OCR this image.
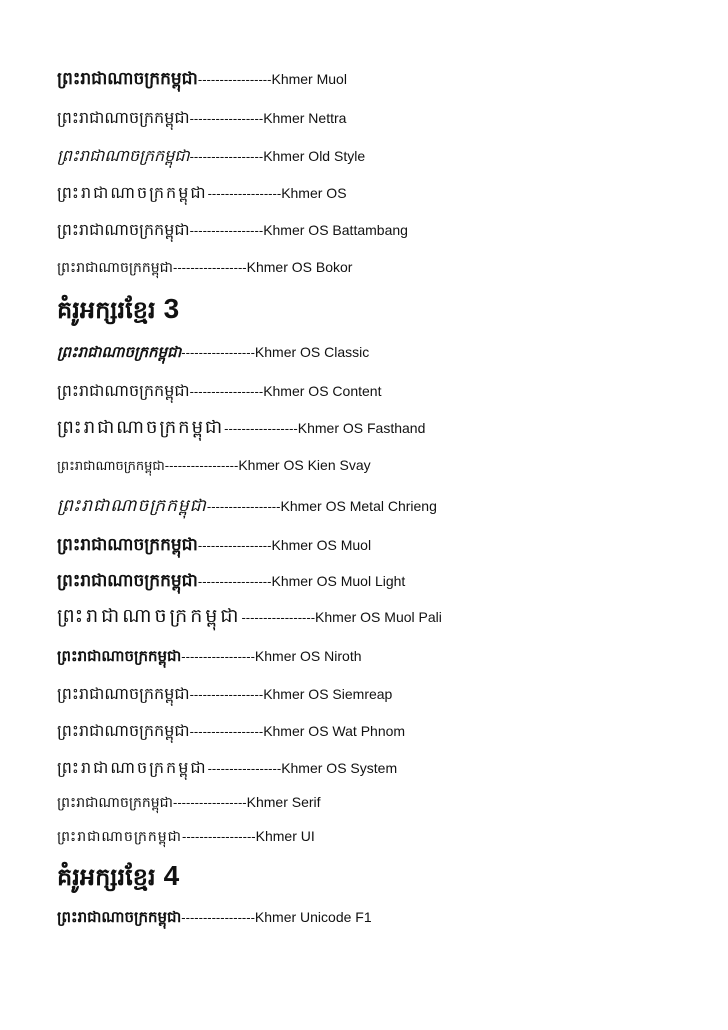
ព្រះរាជាណាចក្រកម្ពុជា ----------------- Khmer Muol
ព្រះរាជាណាចក្រកម្ពុជា ----------------- Khmer Nettra
ព្រះរាជាណាចក្រកម្ពុជា ----------------- Khmer Old Style
ព្រះរាជាណាចក្រកម្ពុជា ----------------- Khmer OS
ព្រះរាជាណាចក្រកម្ពុជា ----------------- Khmer OS Battambang
ព្រះរាជាណាចក្រកម្ពុជា ----------------- Khmer OS Bokor
គំរូអក្សរខ្មែរ 3
ព្រះរាជាណាចក្រកម្ពុជា ----------------- Khmer OS Classic
ព្រះរាជាណាចក្រកម្ពុជា ----------------- Khmer OS Content
ព្រះរាជាណាចក្រកម្ពុជា ----------------- Khmer OS Fasthand
ព្រះរាជាណាចក្រកម្ពុជា ----------------- Khmer OS Kien Svay
ព្រះរាជាណាចក្រកម្ពុជា ----------------- Khmer OS Metal Chrieng
ព្រះរាជាណាចក្រកម្ពុជា ----------------- Khmer OS Muol
ព្រះរាជាណាចក្រកម្ពុជា ----------------- Khmer OS Muol Light
ព្រះរាជាណាចក្រកម្ពុជា ----------------- Khmer OS Muol Pali
ព្រះរាជាណាចក្រកម្ពុជា ----------------- Khmer OS Niroth
ព្រះរាជាណាចក្រកម្ពុជា ----------------- Khmer OS Siemreap
ព្រះរាជាណាចក្រកម្ពុជា ----------------- Khmer OS Wat Phnom
ព្រះរាជាណាចក្រកម្ពុជា ----------------- Khmer OS System
ព្រះរាជាណាចក្រកម្ពុជា ----------------- Khmer Serif
ព្រះរាជាណាចក្រកម្ពុជា ----------------- Khmer UI
គំរូអក្សរខ្មែរ 4
ព្រះរាជាណាចក្រកម្ពុជា ----------------- Khmer Unicode F1
